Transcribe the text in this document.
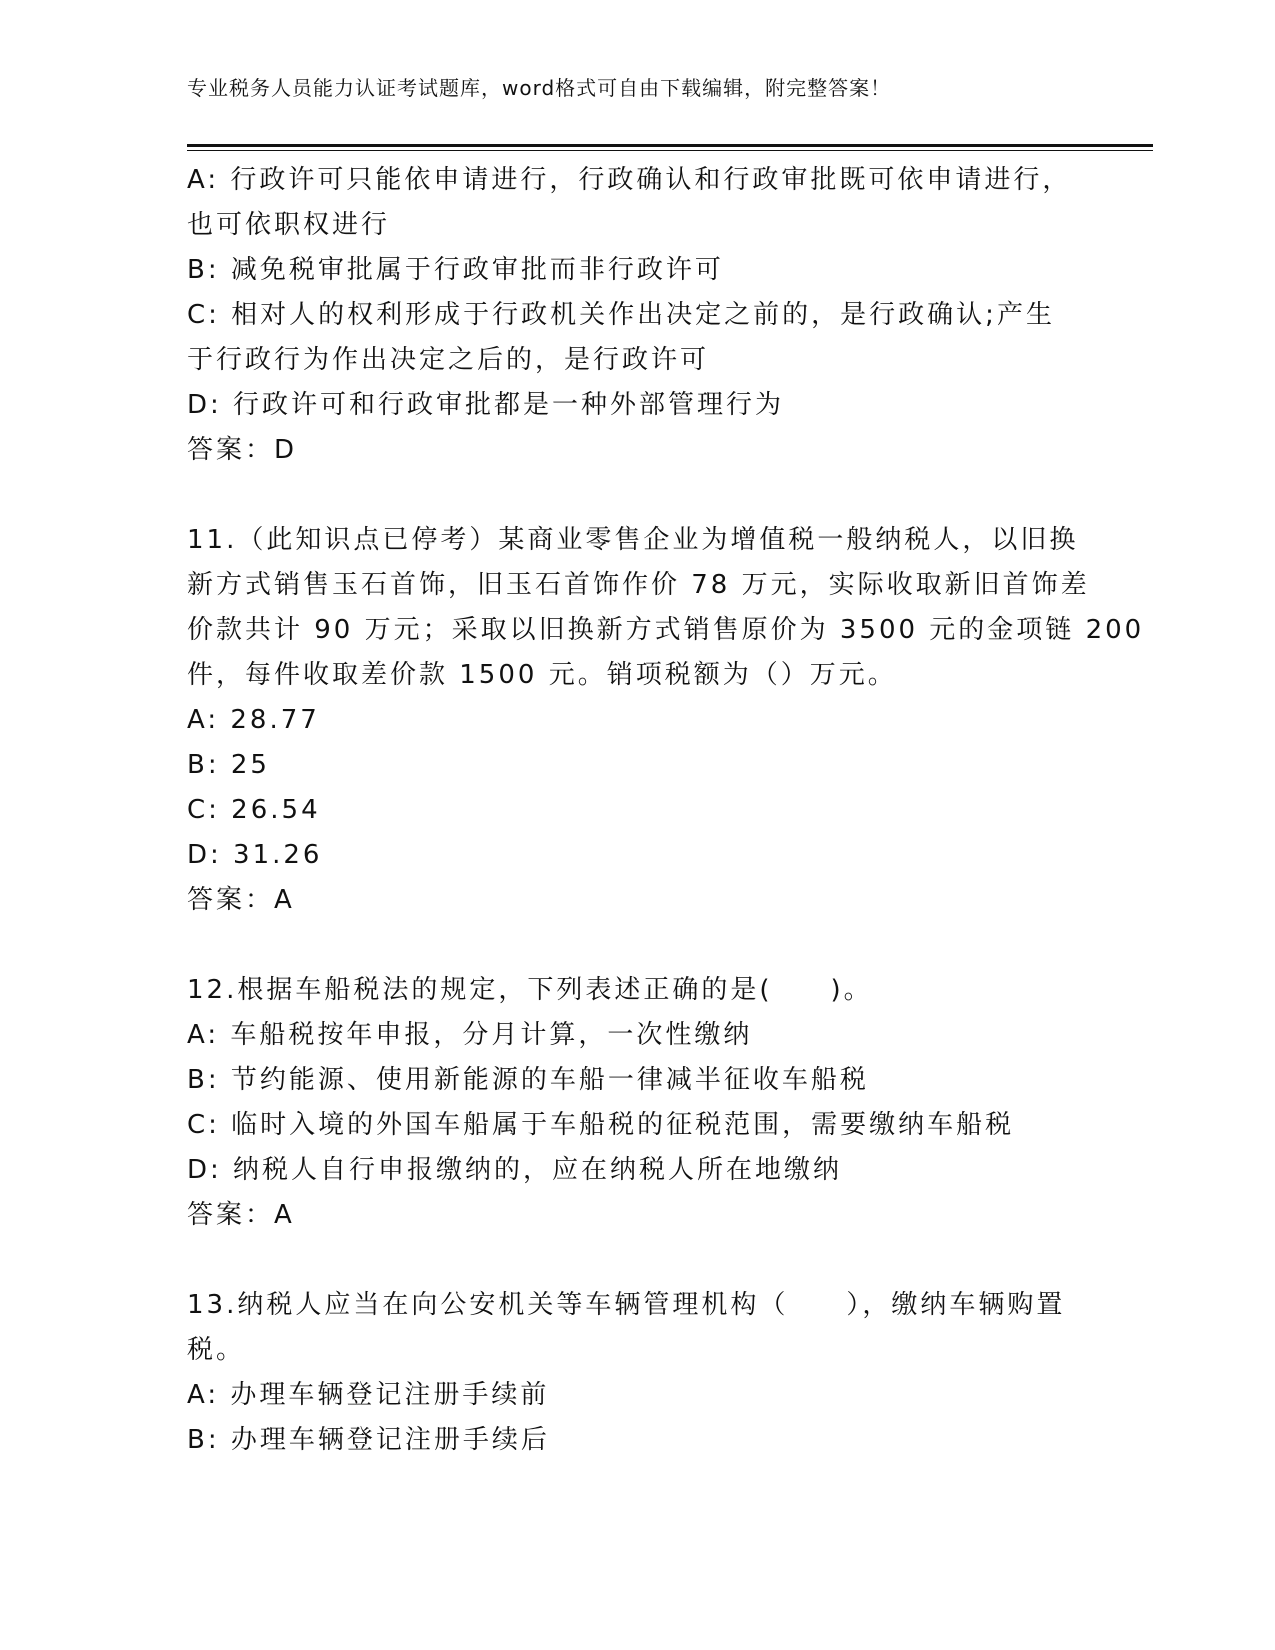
专业税务人员能力认证考试题库，word格式可自由下载编辑，附完整答案！
A: 行政许可只能依申请进行，行政确认和行政审批既可依申请进行，
也可依职权进行
B: 减免税审批属于行政审批而非行政许可
C: 相对人的权利形成于行政机关作出决定之前的，是行政确认;产生
于行政行为作出决定之后的，是行政许可
D: 行政许可和行政审批都是一种外部管理行为
答案：D
11.（此知识点已停考）某商业零售企业为增值税一般纳税人，以旧换
新方式销售玉石首饰，旧玉石首饰作价 78 万元，实际收取新旧首饰差
价款共计 90 万元；采取以旧换新方式销售原价为 3500 元的金项链 200
件，每件收取差价款 1500 元。销项税额为（）万元。
A: 28.77
B: 25
C: 26.54
D: 31.26
答案：A
12.根据车船税法的规定，下列表述正确的是(　　)。
A: 车船税按年申报，分月计算，一次性缴纳
B: 节约能源、使用新能源的车船一律减半征收车船税
C: 临时入境的外国车船属于车船税的征税范围，需要缴纳车船税
D: 纳税人自行申报缴纳的，应在纳税人所在地缴纳
答案：A
13.纳税人应当在向公安机关等车辆管理机构（　　），缴纳车辆购置
税。
A: 办理车辆登记注册手续前
B: 办理车辆登记注册手续后
